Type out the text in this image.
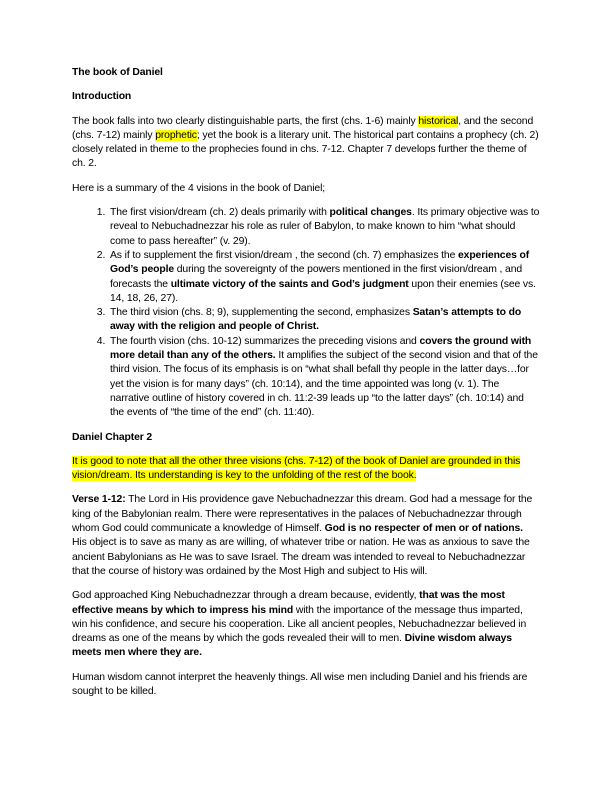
The book of Daniel

Introduction

The book falls into two clearly distinguishable parts, the first (chs. 1-6) mainly historical, and the second (chs. 7-12) mainly prophetic; yet the book is a literary unit. The historical part contains a prophecy (ch. 2) closely related in theme to the prophecies found in chs. 7-12. Chapter 7 develops further the theme of ch. 2.

Here is a summary of the 4 visions in the book of Daniel;

1. The first vision/dream (ch. 2) deals primarily with political changes. Its primary objective was to reveal to Nebuchadnezzar his role as ruler of Babylon, to make known to him “what should come to pass hereafter” (v. 29).
2. As if to supplement the first vision/dream , the second (ch. 7) emphasizes the experiences of God’s people during the sovereignty of the powers mentioned in the first vision/dream , and forecasts the ultimate victory of the saints and God’s judgment upon their enemies (see vs. 14, 18, 26, 27).
3. The third vision (chs. 8; 9), supplementing the second, emphasizes Satan’s attempts to do away with the religion and people of Christ.
4. The fourth vision (chs. 10-12) summarizes the preceding visions and covers the ground with more detail than any of the others. It amplifies the subject of the second vision and that of the third vision. The focus of its emphasis is on “what shall befall thy people in the latter days…for yet the vision is for many days” (ch. 10:14), and the time appointed was long (v. 1). The narrative outline of history covered in ch. 11:2-39 leads up “to the latter days” (ch. 10:14) and the events of “the time of the end” (ch. 11:40).

Daniel Chapter 2

It is good to note that all the other three visions (chs. 7-12) of the book of Daniel are grounded in this vision/dream. Its understanding is key to the unfolding of the rest of the book.

Verse 1-12: The Lord in His providence gave Nebuchadnezzar this dream. God had a message for the king of the Babylonian realm. There were representatives in the palaces of Nebuchadnezzar through whom God could communicate a knowledge of Himself. God is no respecter of men or of nations. His object is to save as many as are willing, of whatever tribe or nation. He was as anxious to save the ancient Babylonians as He was to save Israel. The dream was intended to reveal to Nebuchadnezzar that the course of history was ordained by the Most High and subject to His will.

God approached King Nebuchadnezzar through a dream because, evidently, that was the most effective means by which to impress his mind with the importance of the message thus imparted, win his confidence, and secure his cooperation. Like all ancient peoples, Nebuchadnezzar believed in dreams as one of the means by which the gods revealed their will to men. Divine wisdom always meets men where they are.

Human wisdom cannot interpret the heavenly things. All wise men including Daniel and his friends are sought to be killed.
